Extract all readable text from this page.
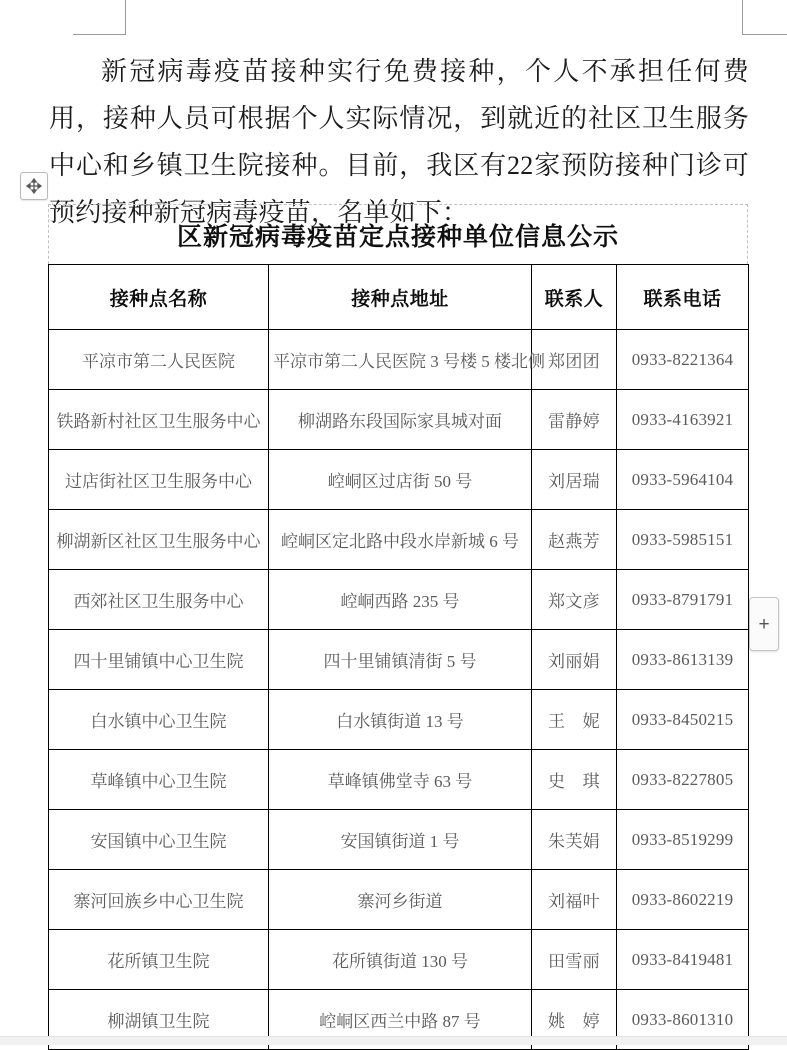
新冠病毒疫苗接种实行免费接种，个人不承担任何费用，接种人员可根据个人实际情况，到就近的社区卫生服务中心和乡镇卫生院接种。目前，我区有22家预防接种门诊可预约接种新冠病毒疫苗，名单如下：

+
区新冠病毒疫苗定点接种单位信息公示
接种点名称	接种点地址	联系人	联系电话
平凉市第二人民医院	平凉市第二人民医院 3 号楼 5 楼北侧	郑团团	0933-8221364
铁路新村社区卫生服务中心	柳湖路东段国际家具城对面	雷静婷	0933-4163921
过店街社区卫生服务中心	崆峒区过店街 50 号	刘居瑞	0933-5964104
柳湖新区社区卫生服务中心	崆峒区定北路中段水岸新城 6 号	赵燕芳	0933-5985151
西郊社区卫生服务中心	崆峒西路 235 号	郑文彦	0933-8791791
四十里铺镇中心卫生院	四十里铺镇清街 5 号	刘丽娟	0933-8613139
白水镇中心卫生院	白水镇街道 13 号	王　妮	0933-8450215
草峰镇中心卫生院	草峰镇佛堂寺 63 号	史　琪	0933-8227805
安国镇中心卫生院	安国镇街道 1 号	朱芙娟	0933-8519299
寨河回族乡中心卫生院	寨河乡街道	刘福叶	0933-8602219
花所镇卫生院	花所镇街道 130 号	田雪丽	0933-8419481
柳湖镇卫生院	崆峒区西兰中路 87 号	姚　婷	0933-8601310
